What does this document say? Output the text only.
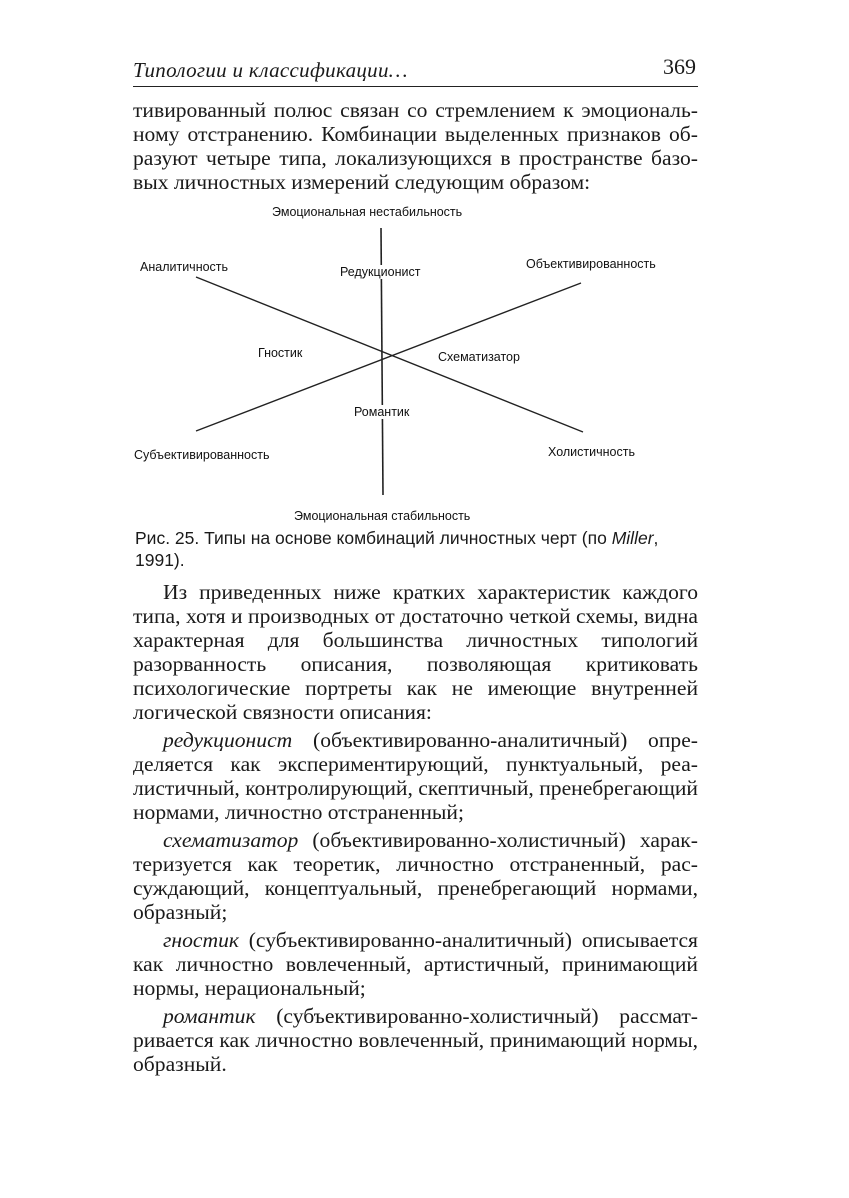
Типологии и классификации…	369

тивированный полюс связан со стремлением к эмоциональному отстранению. Комбинации выделенных признаков образуют четыре типа, локализующихся в пространстве базовых личностных измерений следующим образом:

Эмоциональная нестабильность
Аналитичность	Редукционист
Объективированность
Гностик	Схематизатор
Романтик
Субъективированность	Холистичность
Эмоциональная стабильность

Рис. 25. Типы на основе комбинаций личностных черт (по Miller, 1991).

Из приведенных ниже кратких характеристик каждого типа, хотя и производных от достаточно четкой схемы, видна характерная для большинства личностных типологий разорванность описания, позволяющая критиковать психологические портреты как не имеющие внутренней логической связности описания:

редукционист (объективированно-аналитичный) определяется как экспериментирующий, пунктуальный, реалистичный, контролирующий, скептичный, пренебрегающий нормами, личностно отстраненный;

схематизатор (объективированно-холистичный) характеризуется как теоретик, личностно отстраненный, рассуждающий, концептуальный, пренебрегающий нормами, образный;

гностик (субъективированно-аналитичный) описывается как личностно вовлеченный, артистичный, принимающий нормы, нерациональный;

романтик (субъективированно-холистичный) рассматривается как личностно вовлеченный, принимающий нормы, образный.
